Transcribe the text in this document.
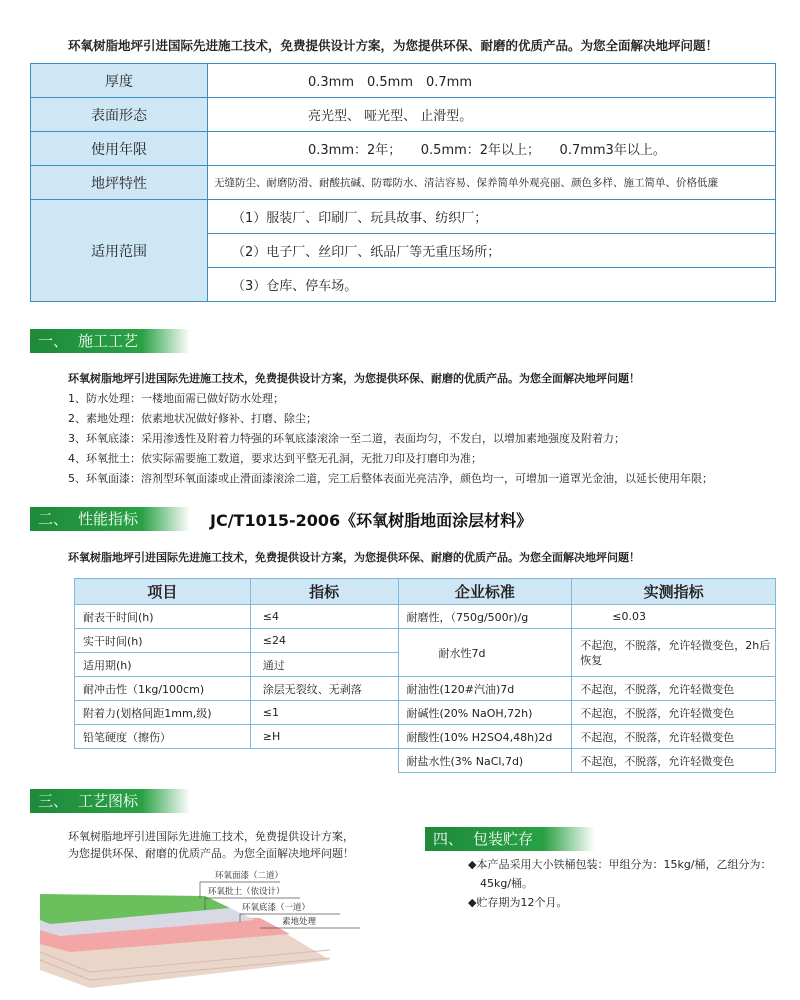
环氧树脂地坪引进国际先进施工技术，免费提供设计方案，为您提供环保、耐磨的优质产品。为您全面解决地坪问题！
厚度	0.3mm　0.5mm　0.7mm
表面形态	亮光型、 哑光型、 止滑型。
使用年限	0.3mm：2年；　　0.5mm：2年以上；　　0.7mm3年以上。
地坪特性	无缝防尘、耐磨防滑、耐酸抗碱、防霉防水、清洁容易、保养简单外观亮丽、颜色多样、施工简单、价格低廉
适用范围	（1）服装厂、印刷厂、玩具故事、纺织厂；
	（2）电子厂、丝印厂、纸品厂等无重压场所；
	（3）仓库、停车场。
一、 施工工艺
环氧树脂地坪引进国际先进施工技术，免费提供设计方案，为您提供环保、耐磨的优质产品。为您全面解决地坪问题！
1、防水处理：一楼地面需已做好防水处理；
2、素地处理：依素地状况做好修补、打磨、除尘；
3、环氧底漆：采用渗透性及附着力特强的环氧底漆滚涂一至二道，表面均匀，不发白，以增加素地强度及附着力；
4、环氧批土：依实际需要施工数道，要求达到平整无孔洞，无批刀印及打磨印为准；
5、环氧面漆：溶剂型环氧面漆或止滑面漆滚涂二道，完工后整体表面光亮洁净，颜色均一，可增加一道罩光金油，以延长使用年限；
二、 性能指标	JC/T1015-2006《环氧树脂地面涂层材料》
环氧树脂地坪引进国际先进施工技术，免费提供设计方案，为您提供环保、耐磨的优质产品。为您全面解决地坪问题！
项目	指标	企业标准	实测指标
耐表干时间(h)	≤4	耐磨性，（750g/500r)/g	≤0.03
实干时间(h)	≤24	耐水性7d	不起泡，不脱落，允许轻微变色，2h后恢复
适用期(h)	通过		
耐冲击性（1kg/100cm)	涂层无裂纹、无剥落	耐油性(120#汽油)7d	不起泡，不脱落，允许轻微变色
附着力(划格间距1mm,级)	≤1	耐碱性(20% NaOH,72h)	不起泡，不脱落，允许轻微变色
铅笔硬度（擦伤）	≥H	耐酸性(10% H2SO4,48h)2d	不起泡，不脱落，允许轻微变色
		耐盐水性(3% NaCl,7d)	不起泡，不脱落，允许轻微变色
三、 工艺图标
环氧树脂地坪引进国际先进施工技术，免费提供设计方案，
为您提供环保、耐磨的优质产品。为您全面解决地坪问题！
环氧面漆（二道）
环氧批土（依设计）
环氧底漆（一道）
素地处理
四、 包装贮存
◆本产品采用大小铁桶包装：甲组分为：15kg/桶，乙组分为：45kg/桶。
◆贮存期为12个月。
